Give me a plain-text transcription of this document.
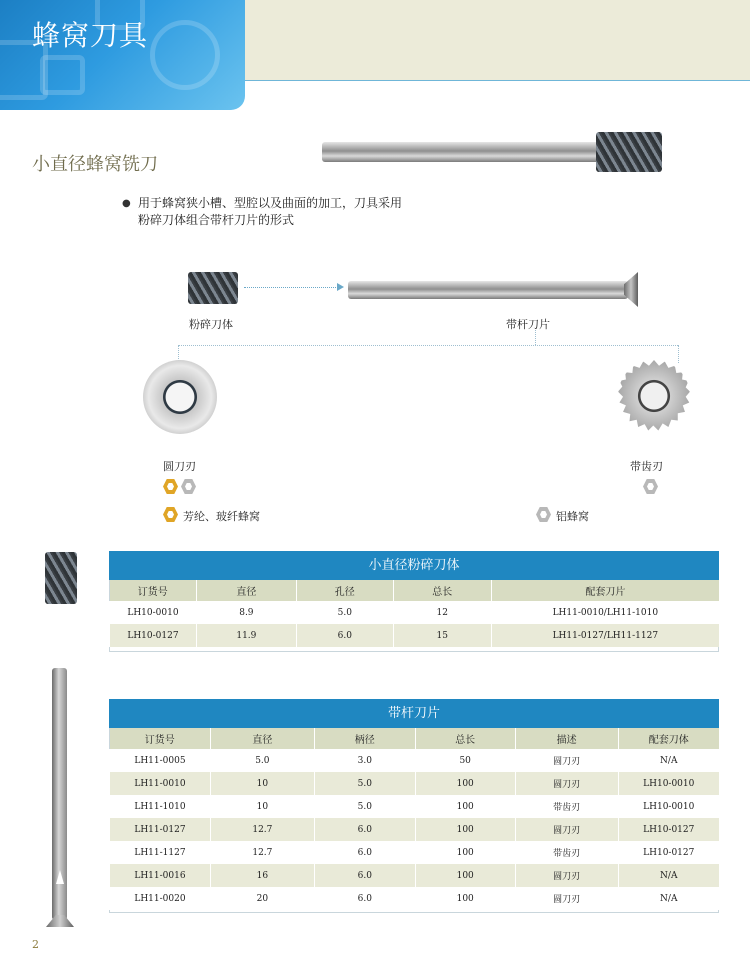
蜂窝刀具
小直径蜂窝铣刀
● 用于蜂窝狭小槽、型腔以及曲面的加工，刀具采用粉碎刀体组合带杆刀片的形式
粉碎刀体	带杆刀片
圆刀刃	带齿刃
芳纶、玻纤蜂窝	铝蜂窝
小直径粉碎刀体
订货号	直径	孔径	总长	配套刀片
LH10-0010	8.9	5.0	12	LH11-0010/LH11-1010
LH10-0127	11.9	6.0	15	LH11-0127/LH11-1127
带杆刀片
订货号	直径	柄径	总长	描述	配套刀体
LH11-0005	5.0	3.0	50	圆刀刃	N/A
LH11-0010	10	5.0	100	圆刀刃	LH10-0010
LH11-1010	10	5.0	100	带齿刃	LH10-0010
LH11-0127	12.7	6.0	100	圆刀刃	LH10-0127
LH11-1127	12.7	6.0	100	带齿刃	LH10-0127
LH11-0016	16	6.0	100	圆刀刃	N/A
LH11-0020	20	6.0	100	圆刀刃	N/A
2
